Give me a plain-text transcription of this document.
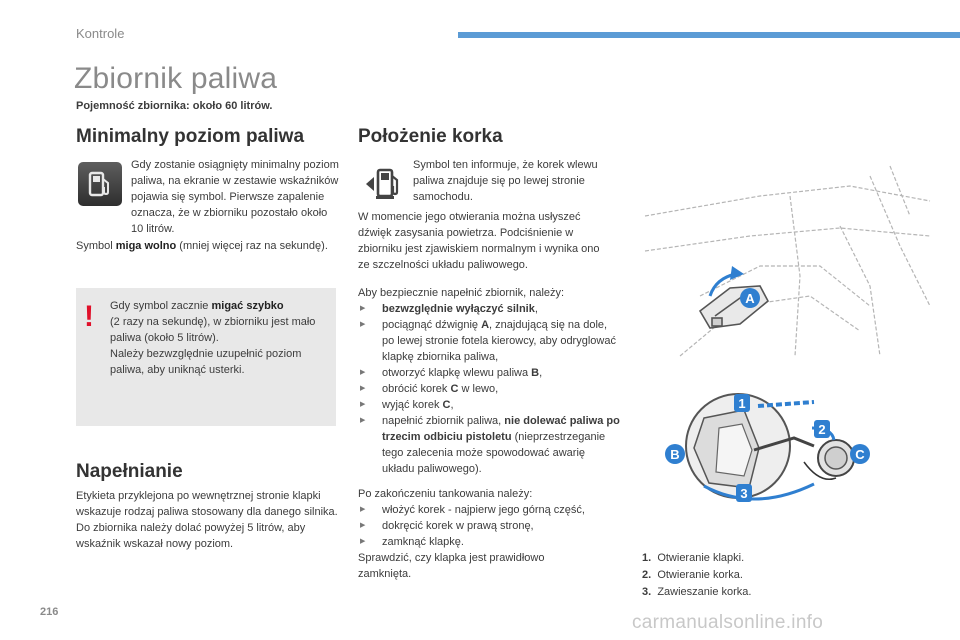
Kontrole
Zbiornik paliwa
Pojemność zbiornika: około 60 litrów.
Minimalny poziom paliwa
Gdy zostanie osiągnięty minimalny poziom paliwa, na ekranie w zestawie wskaźników pojawia się symbol. Pierwsze zapalenie oznacza, że w zbiorniku pozostało około 10 litrów.
Symbol miga wolno (mniej więcej raz na sekundę).
! Gdy symbol zacznie migać szybko
(2 razy na sekundę), w zbiorniku jest mało paliwa (około 5 litrów).
Należy bezwzględnie uzupełnić poziom paliwa, aby uniknąć usterki.
Napełnianie
Etykieta przyklejona po wewnętrznej stronie klapki wskazuje rodzaj paliwa stosowany dla danego silnika.
Do zbiornika należy dolać powyżej 5 litrów, aby wskaźnik wskazał nowy poziom.
Położenie korka
Symbol ten informuje, że korek wlewu paliwa znajduje się po lewej stronie samochodu.
W momencie jego otwierania można usłyszeć dźwięk zasysania powietrza. Podciśnienie w zbiorniku jest zjawiskiem normalnym i wynika ono ze szczelności układu paliwowego.
Aby bezpiecznie napełnić zbiornik, należy:
▶ bezwzględnie wyłączyć silnik,
▶ pociągnąć dźwignię A, znajdującą się na dole, po lewej stronie fotela kierowcy, aby odryglować klapkę zbiornika paliwa,
▶ otworzyć klapkę wlewu paliwa B,
▶ obrócić korek C w lewo,
▶ wyjąć korek C,
▶ napełnić zbiornik paliwa, nie dolewać paliwa po trzecim odbiciu pistoletu (nieprzestrzeganie tego zalecenia może spowodować awarię układu paliwowego).
Po zakończeniu tankowania należy:
▶ włożyć korek - najpierw jego górną część,
▶ dokręcić korek w prawą stronę,
▶ zamknąć klapkę.
Sprawdzić, czy klapka jest prawidłowo zamknięta.
A
1
2
3
B	C
1. Otwieranie klapki.
2. Otwieranie korka.
3. Zawieszanie korka.
216	carmanualsonline.info
